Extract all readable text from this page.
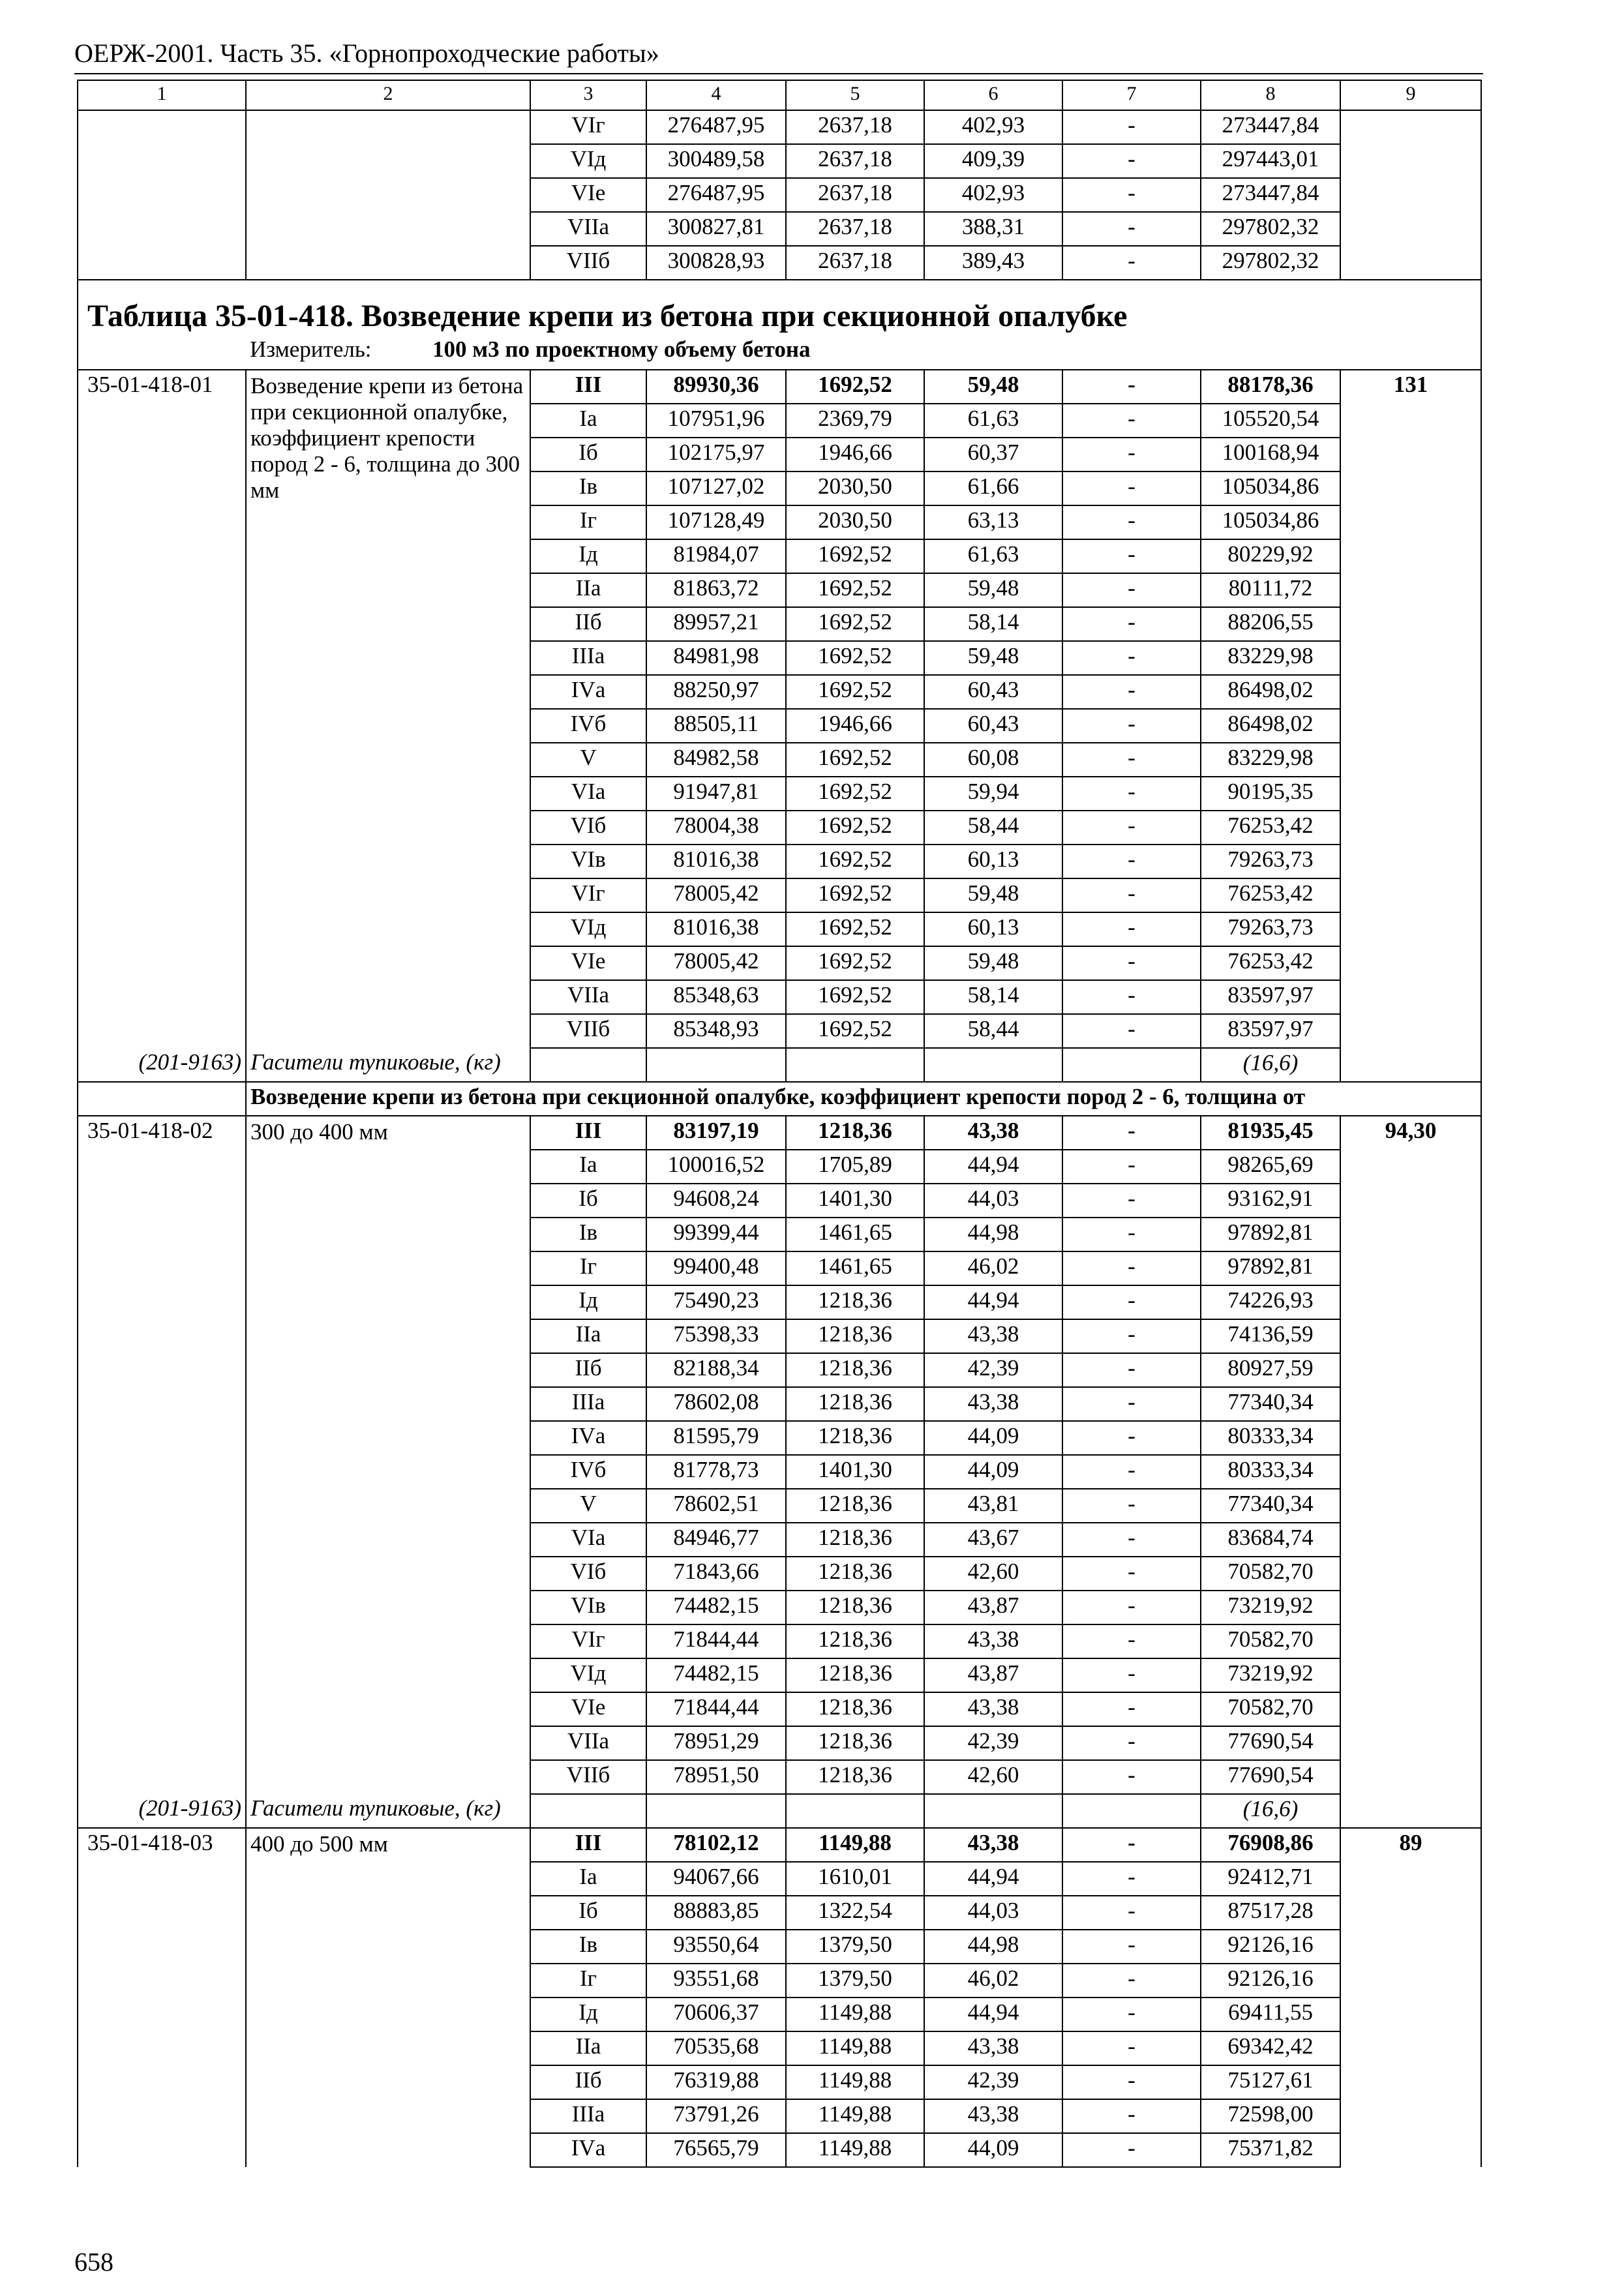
ОЕРЖ-2001. Часть 35. «Горнопроходческие работы»
1	2	3	4	5	6	7	8	9
		VIг	276487,95	2637,18	402,93	-	273447,84	
		VIд	300489,58	2637,18	409,39	-	297443,01	
		VIе	276487,95	2637,18	402,93	-	273447,84	
		VIIа	300827,81	2637,18	388,31	-	297802,32	
		VIIб	300828,93	2637,18	389,43	-	297802,32	
Таблица 35-01-418. Возведение крепи из бетона при секционной опалубке								
	Измеритель: 100 м3 по проектному объему бетона							
35-01-418-01	Возведение крепи из бетона при секционной опалубке, коэффициент крепости пород 2 - 6, толщина до 300 мм	III	89930,36	1692,52	59,48	-	88178,36	131
		Iа	107951,96	2369,79	61,63	-	105520,54	
		Iб	102175,97	1946,66	60,37	-	100168,94	
		Iв	107127,02	2030,50	61,66	-	105034,86	
		Iг	107128,49	2030,50	63,13	-	105034,86	
		Iд	81984,07	1692,52	61,63	-	80229,92	
		IIа	81863,72	1692,52	59,48	-	80111,72	
		IIб	89957,21	1692,52	58,14	-	88206,55	
		IIIа	84981,98	1692,52	59,48	-	83229,98	
		IVа	88250,97	1692,52	60,43	-	86498,02	
		IVб	88505,11	1946,66	60,43	-	86498,02	
		V	84982,58	1692,52	60,08	-	83229,98	
		VIа	91947,81	1692,52	59,94	-	90195,35	
		VIб	78004,38	1692,52	58,44	-	76253,42	
		VIв	81016,38	1692,52	60,13	-	79263,73	
		VIг	78005,42	1692,52	59,48	-	76253,42	
		VIд	81016,38	1692,52	60,13	-	79263,73	
		VIе	78005,42	1692,52	59,48	-	76253,42	
		VIIа	85348,63	1692,52	58,14	-	83597,97	
		VIIб	85348,93	1692,52	58,44	-	83597,97	
(201-9163)	Гасители тупиковые, (кг)						(16,6)	
	Возведение крепи из бетона при секционной опалубке, коэффициент крепости пород 2 - 6, толщина от							
35-01-418-02	300 до 400 мм	III	83197,19	1218,36	43,38	-	81935,45	94,30
		Iа	100016,52	1705,89	44,94	-	98265,69	
		Iб	94608,24	1401,30	44,03	-	93162,91	
		Iв	99399,44	1461,65	44,98	-	97892,81	
		Iг	99400,48	1461,65	46,02	-	97892,81	
		Iд	75490,23	1218,36	44,94	-	74226,93	
		IIа	75398,33	1218,36	43,38	-	74136,59	
		IIб	82188,34	1218,36	42,39	-	80927,59	
		IIIа	78602,08	1218,36	43,38	-	77340,34	
		IVа	81595,79	1218,36	44,09	-	80333,34	
		IVб	81778,73	1401,30	44,09	-	80333,34	
		V	78602,51	1218,36	43,81	-	77340,34	
		VIа	84946,77	1218,36	43,67	-	83684,74	
		VIб	71843,66	1218,36	42,60	-	70582,70	
		VIв	74482,15	1218,36	43,87	-	73219,92	
		VIг	71844,44	1218,36	43,38	-	70582,70	
		VIд	74482,15	1218,36	43,87	-	73219,92	
		VIе	71844,44	1218,36	43,38	-	70582,70	
		VIIа	78951,29	1218,36	42,39	-	77690,54	
		VIIб	78951,50	1218,36	42,60	-	77690,54	
(201-9163)	Гасители тупиковые, (кг)						(16,6)	
35-01-418-03	400 до 500 мм	III	78102,12	1149,88	43,38	-	76908,86	89
		Iа	94067,66	1610,01	44,94	-	92412,71	
		Iб	88883,85	1322,54	44,03	-	87517,28	
		Iв	93550,64	1379,50	44,98	-	92126,16	
		Iг	93551,68	1379,50	46,02	-	92126,16	
		Iд	70606,37	1149,88	44,94	-	69411,55	
		IIа	70535,68	1149,88	43,38	-	69342,42	
		IIб	76319,88	1149,88	42,39	-	75127,61	
		IIIа	73791,26	1149,88	43,38	-	72598,00	
		IVа	76565,79	1149,88	44,09	-	75371,82	
658
